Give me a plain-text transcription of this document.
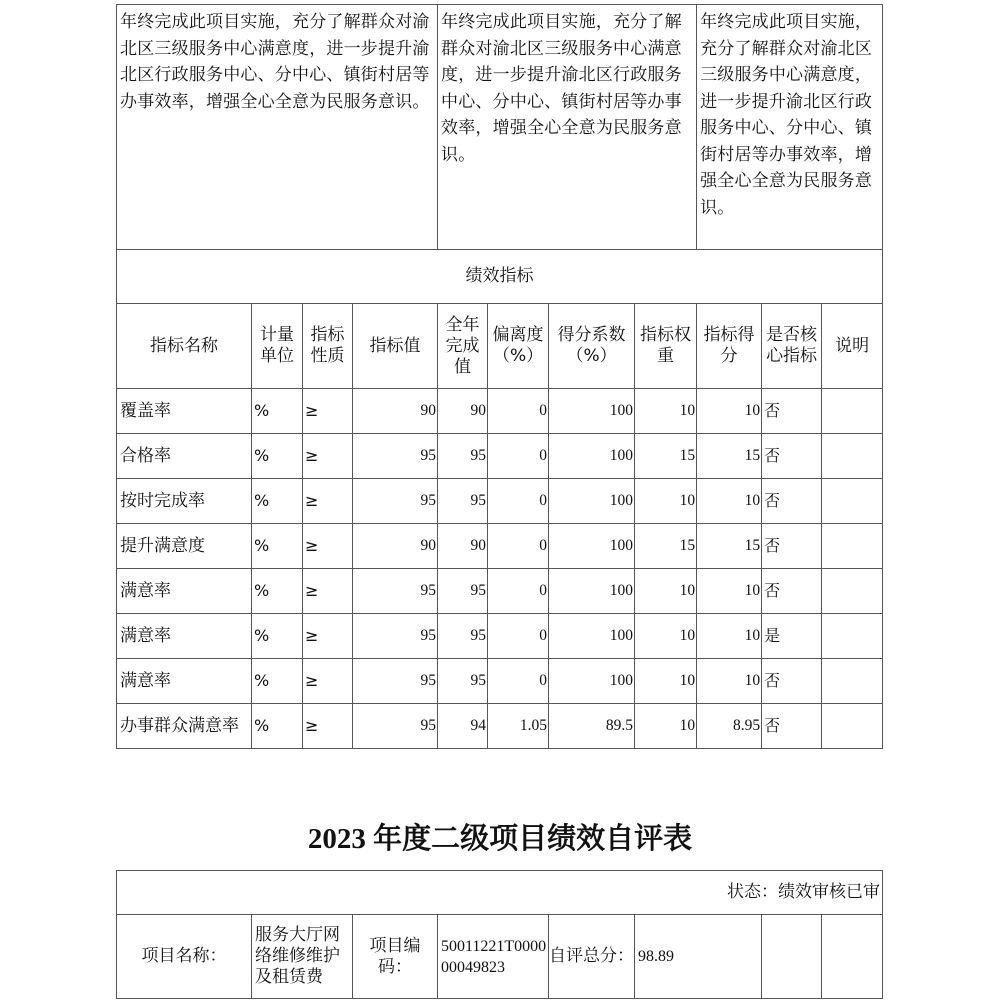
年终完成此项目实施，充分了解群众对渝北区三级服务中心满意度，进一步提升渝北区行政服务中心、分中心、镇街村居等办事效率，增强全心全意为民服务意识。				年终完成此项目实施，充分了解群众对渝北区三级服务中心满意度，进一步提升渝北区行政服务中心、分中心、镇街村居等办事效率，增强全心全意为民服务意识。				年终完成此项目实施，充分了解群众对渝北区三级服务中心满意度，进一步提升渝北区行政服务中心、分中心、镇街村居等办事效率，增强全心全意为民服务意识。		
绩效指标										
指标名称	计量单位	指标性质	指标值	全年完成值	偏离度（%）	得分系数（%）	指标权重	指标得分	是否核心指标	说明
覆盖率	%	≥	90	90	0	100	10	10	否	
合格率	%	≥	95	95	0	100	15	15	否	
按时完成率	%	≥	95	95	0	100	10	10	否	
提升满意度	%	≥	90	90	0	100	15	15	否	
满意率	%	≥	95	95	0	100	10	10	否	
满意率	%	≥	95	95	0	100	10	10	是	
满意率	%	≥	95	95	0	100	10	10	否	
办事群众满意率	%	≥	95	94	1.05	89.5	10	8.95	否	
2023 年度二级项目绩效自评表
状态：绩效审核已审
项目名称：	服务大厅网络维修维护及租赁费	项目编码：	50011221T000000049823	自评总分：	98.89		
